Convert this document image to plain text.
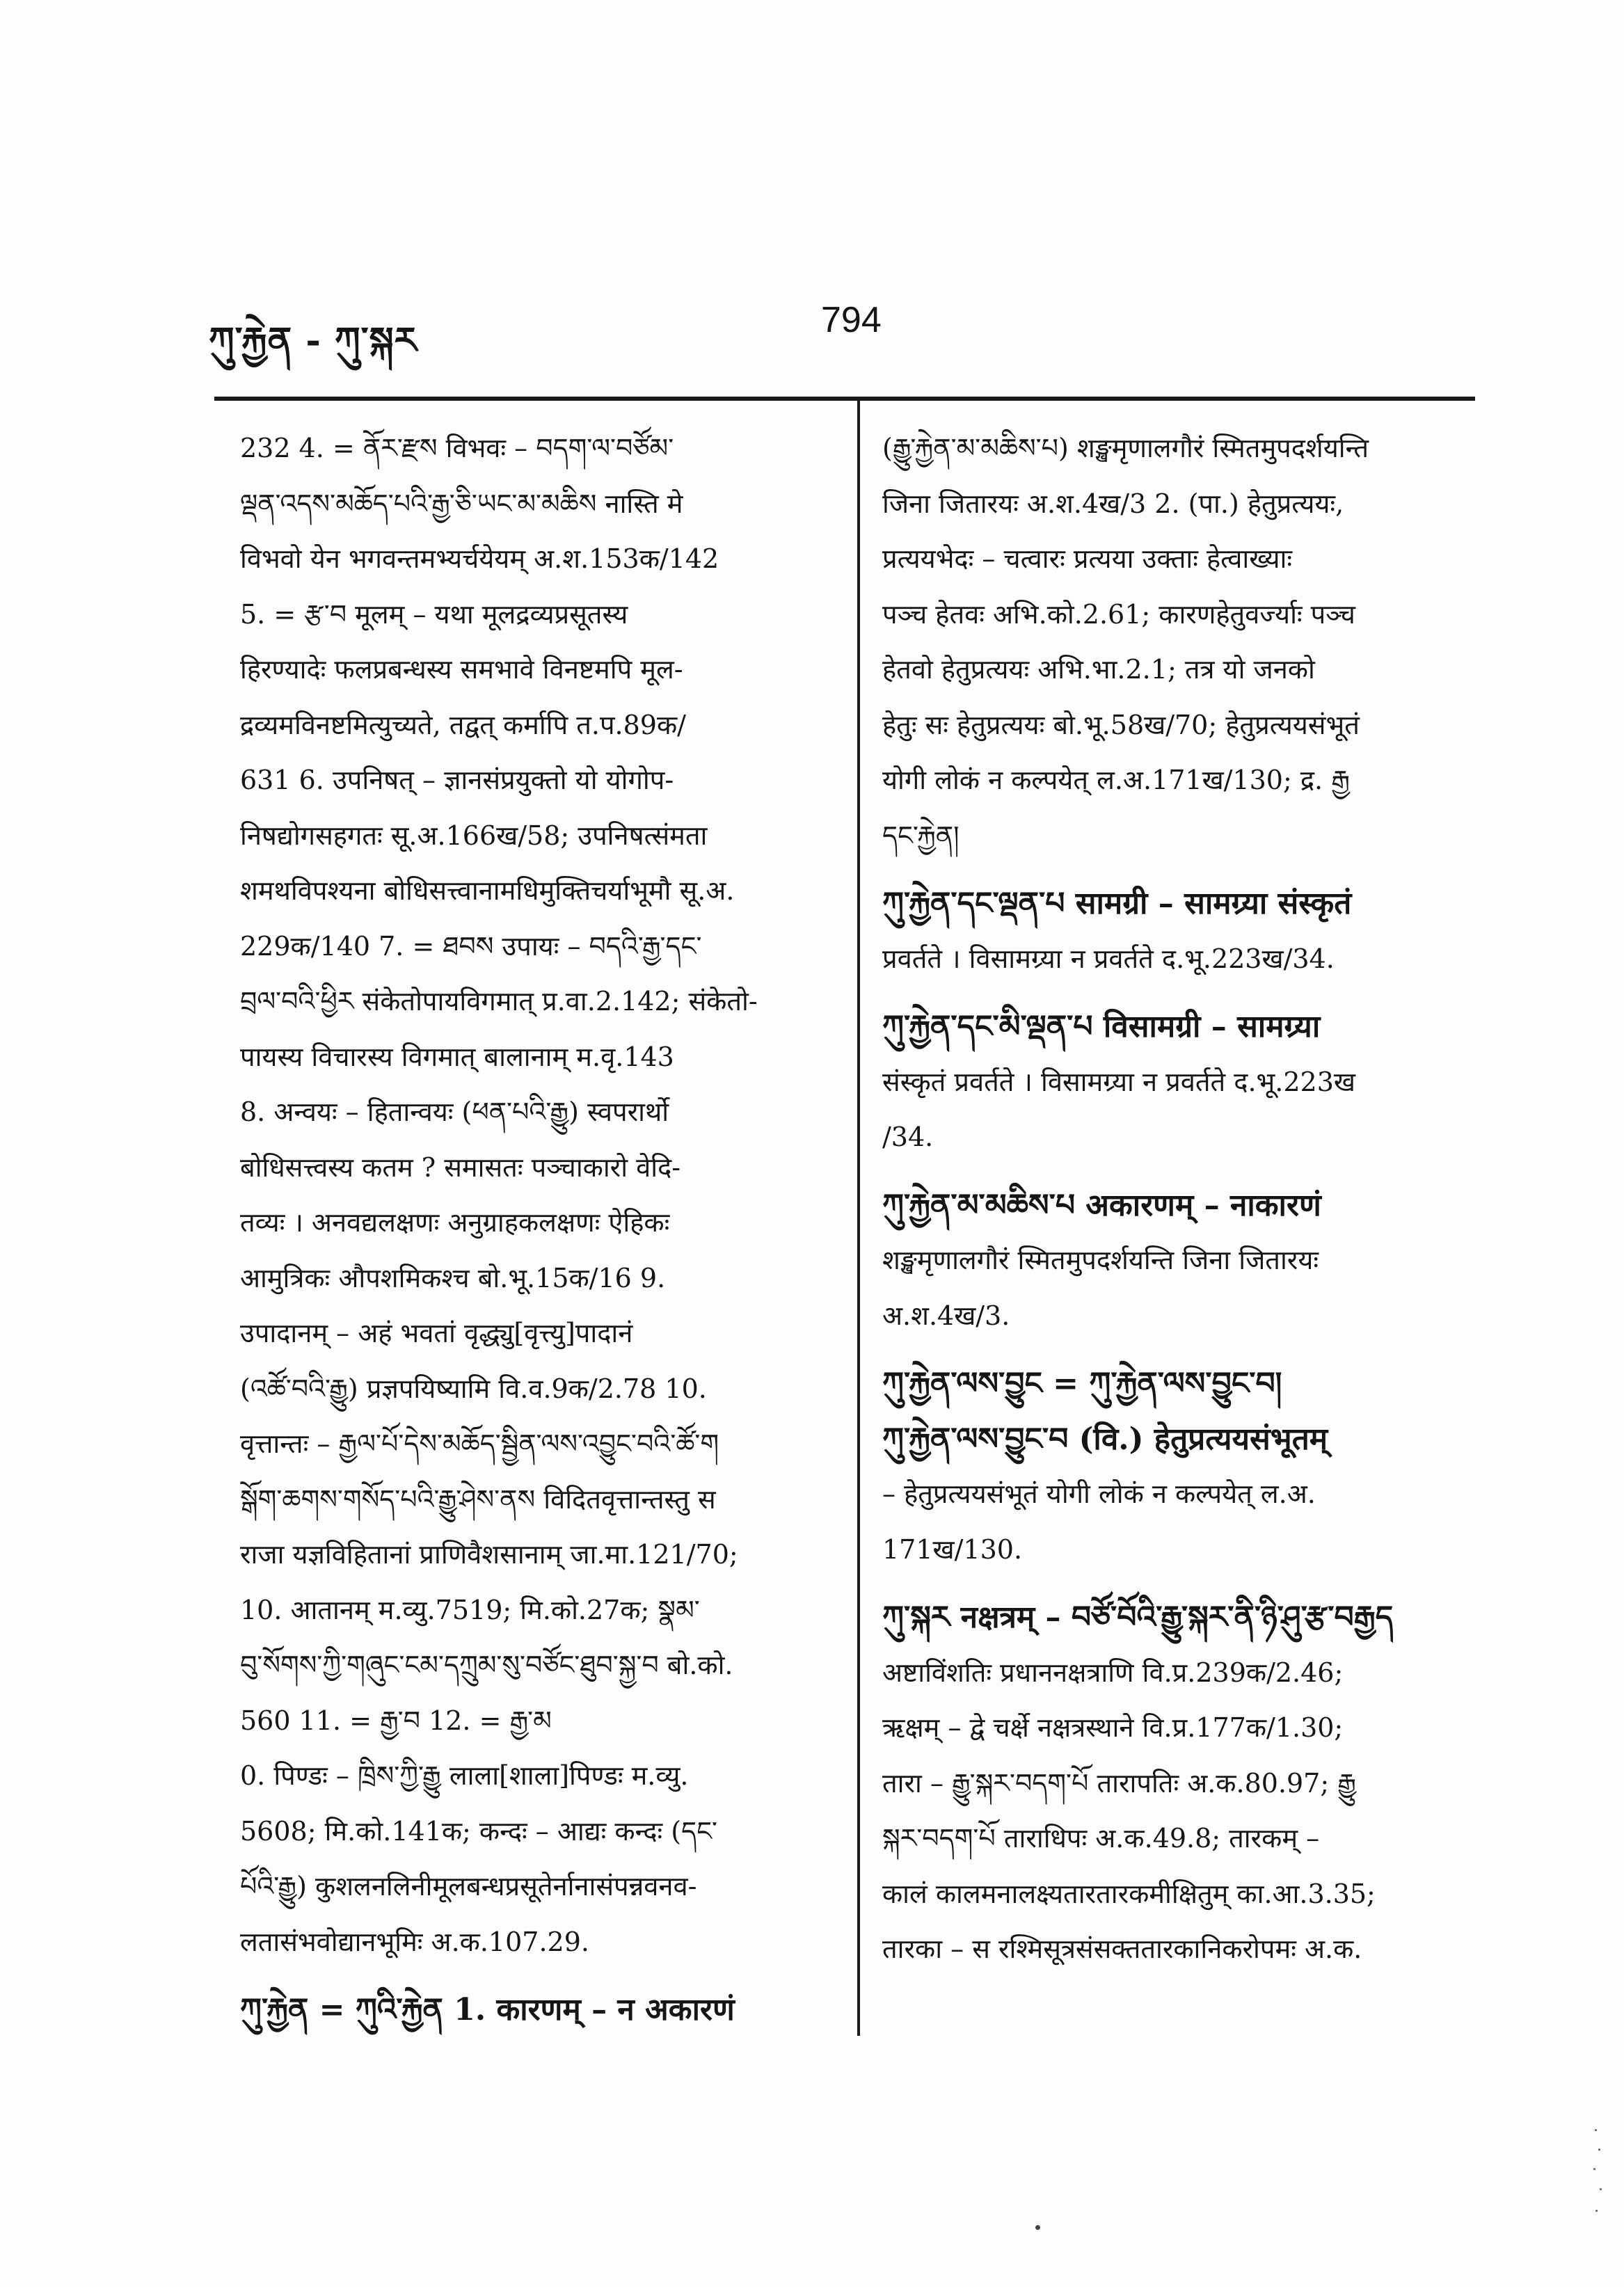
ཀུ་རྐྱེན - ཀུ་སྐར	794
232 4. = ནོར་རྫས विभवः – བདག་ལ་བཙོམ་
ལྡན་འདས་མཆོད་པའི་རྒྱ་ཅི་ཡང་མ་མཆིས नास्ति मे
विभवो येन भगवन्तमभ्यर्चयेयम् अ.श.153क/142
5. = རྩ་བ मूलम् – यथा मूलद्रव्यप्रसूतस्य
हिरण्यादेः फलप्रबन्धस्य समभावे विनष्टमपि मूल-
द्रव्यमविनष्टमित्युच्यते, तद्वत् कर्मापि त.प.89क/
631 6. उपनिषत् – ज्ञानसंप्रयुक्तो यो योगोप-
निषद्योगसहगतः सू.अ.166ख/58; उपनिषत्संमता
शमथविपश्यना बोधिसत्त्वानामधिमुक्तिचर्याभूमौ सू.अ.
229क/140 7. = ཐབས उपायः – བདའི་རྒྱ་དང་
བྲལ་བའི་ཕྱིར संकेतोपायविगमात् प्र.वा.2.142; संकेतो-
पायस्य विचारस्य विगमात् बालानाम् म.वृ.143
8. अन्वयः – हितान्वयः (ཕན་པའི་རྒྱུ) स्वपरार्थो
बोधिसत्त्वस्य कतम ? समासतः पञ्चाकारो वेदि-
तव्यः । अनवद्यलक्षणः अनुग्राहकलक्षणः ऐहिकः
आमुत्रिकः औपशमिकश्च बो.भू.15क/16 9.
उपादानम् – अहं भवतां वृद्ध्यु[वृत्त्यु]पादानं
(འཚོ་བའི་རྒྱུ) प्रज्ञपयिष्यामि वि.व.9क/2.78 10.
वृत्तान्तः – རྒྱལ་པོ་དེས་མཆོད་སྦྱིན་ལས་འབྱུང་བའི་ཚོ་ག
སྒོག་ཆགས་གསོད་པའི་རྒྱུ་ཤེས་ནས विदितवृत्तान्तस्तु स
राजा यज्ञविहितानां प्राणिवैशसानाम् जा.मा.121/70;
10. आतानम् म.व्यु.7519; मि.को.27क; སྣམ་
བུ་སོགས་ཀྱི་གཞུང་ངམ་དཀྲུམ་སུ་བཙོང་ཐུབ་སྐྱ་བ बो.को.
560 11. = རྒྱ་བ 12. = རྒྱ་མ
0. पिण्डः – ཁྲིས་ཀྱི་རྒྱུ लाला[शाला]पिण्डः म.व्यु.
5608; मि.को.141क; कन्दः – आद्यः कन्दः (དང་
པོའི་རྒྱུ) कुशलनलिनीमूलबन्धप्रसूतेर्नानासंपन्नवनव-
लतासंभवोद्यानभूमिः अ.क.107.29.
ཀུ་རྐྱེན = ཀུའི་རྐྱེན 1. कारणम् – न अकारणं
(རྒྱུ་རྐྱེན་མ་མཆིས་པ) शङ्खमृणालगौरं स्मितमुपदर्शयन्ति
जिना जितारयः अ.श.4ख/3 2. (पा.) हेतुप्रत्ययः,
प्रत्ययभेदः – चत्वारः प्रत्यया उक्ताः हेत्वाख्याः
पञ्च हेतवः अभि.को.2.61; कारणहेतुवर्ज्याः पञ्च
हेतवो हेतुप्रत्ययः अभि.भा.2.1; तत्र यो जनको
हेतुः सः हेतुप्रत्ययः बो.भू.58ख/70; हेतुप्रत्ययसंभूतं
योगी लोकं न कल्पयेत् ल.अ.171ख/130; द्र. རྒྱ
དང་རྐྱེན།
ཀུ་རྐྱེན་དང་ལྡན་པ सामग्री – सामग्र्या संस्कृतं
प्रवर्तते । विसामग्र्या न प्रवर्तते द.भू.223ख/34.
ཀུ་རྐྱེན་དང་མི་ལྡན་པ विसामग्री – सामग्र्या
संस्कृतं प्रवर्तते । विसामग्र्या न प्रवर्तते द.भू.223ख
/34.
ཀུ་རྐྱེན་མ་མཆིས་པ अकारणम् – नाकारणं
शङ्खमृणालगौरं स्मितमुपदर्शयन्ति जिना जितारयः
अ.श.4ख/3.
ཀུ་རྐྱེན་ལས་བྱུང = ཀུ་རྐྱེན་ལས་བྱུང་བ།
ཀུ་རྐྱེན་ལས་བྱུང་བ (वि.) हेतुप्रत्ययसंभूतम्
– हेतुप्रत्ययसंभूतं योगी लोकं न कल्पयेत् ल.अ.
171ख/130.
ཀུ་སྐར नक्षत्रम् – བཙོ་བོའི་རྒྱུ་སྐར་ནི་ཉི་ཤུ་རྩ་བརྒྱད
अष्टाविंशतिः प्रधाननक्षत्राणि वि.प्र.239क/2.46;
ऋक्षम् – द्वे चर्क्षे नक्षत्रस्थाने वि.प्र.177क/1.30;
तारा – རྒྱུ་སྐར་བདག་པོ तारापतिः अ.क.80.97; རྒྱུ
སྐར་བདག་པོ ताराधिपः अ.क.49.8; तारकम् –
कालं कालमनालक्ष्यतारतारकमीक्षितुम् का.आ.3.35;
तारका – स रश्मिसूत्रसंसक्ततारकानिकरोपमः अ.क.
